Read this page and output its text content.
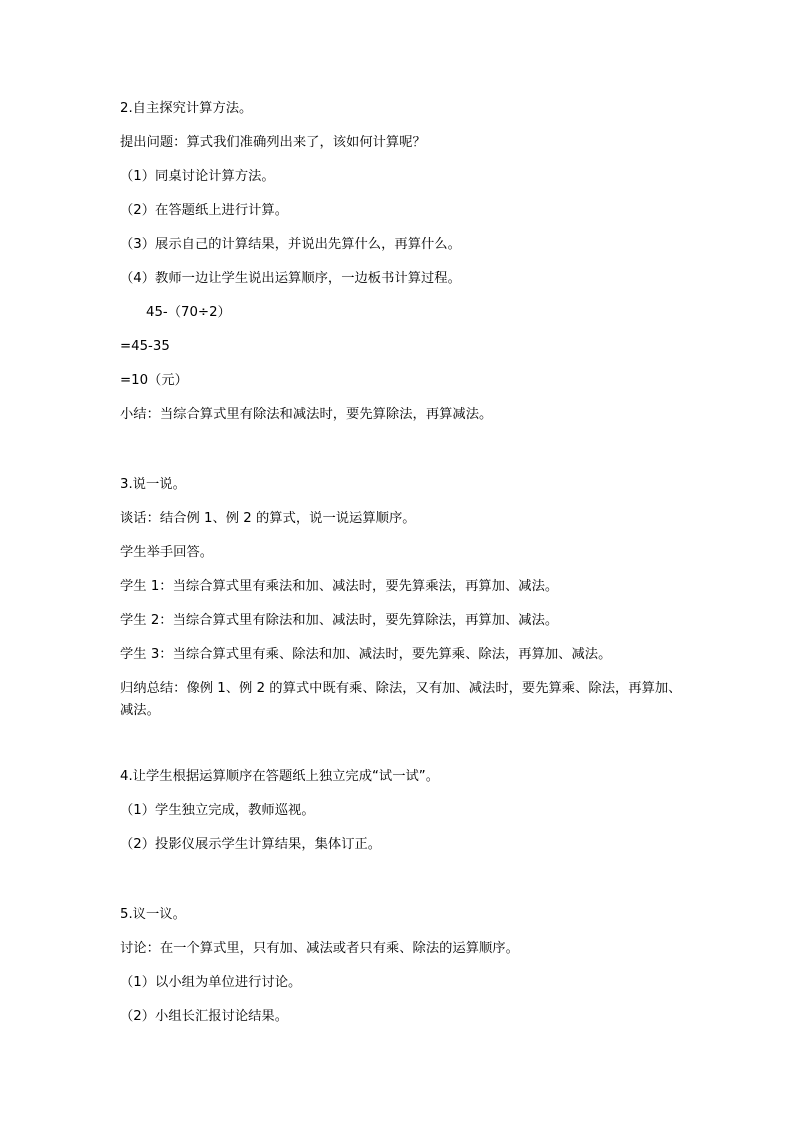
2.自主探究计算方法。
提出问题：算式我们准确列出来了，该如何计算呢？
（1）同桌讨论计算方法。
（2）在答题纸上进行计算。
（3）展示自己的计算结果，并说出先算什么，再算什么。
（4）教师一边让学生说出运算顺序，一边板书计算过程。
45-（70÷2）
=45-35
=10（元）
小结：当综合算式里有除法和减法时，要先算除法，再算减法。
3.说一说。
谈话：结合例 1、例 2 的算式，说一说运算顺序。
学生举手回答。
学生 1：当综合算式里有乘法和加、减法时，要先算乘法，再算加、减法。
学生 2：当综合算式里有除法和加、减法时，要先算除法，再算加、减法。
学生 3：当综合算式里有乘、除法和加、减法时，要先算乘、除法，再算加、减法。
归纳总结：像例 1、例 2 的算式中既有乘、除法，又有加、减法时，要先算乘、除法，再算加、减法。
4.让学生根据运算顺序在答题纸上独立完成“试一试”。
（1）学生独立完成，教师巡视。
（2）投影仪展示学生计算结果，集体订正。
5.议一议。
讨论：在一个算式里，只有加、减法或者只有乘、除法的运算顺序。
（1）以小组为单位进行讨论。
（2）小组长汇报讨论结果。
